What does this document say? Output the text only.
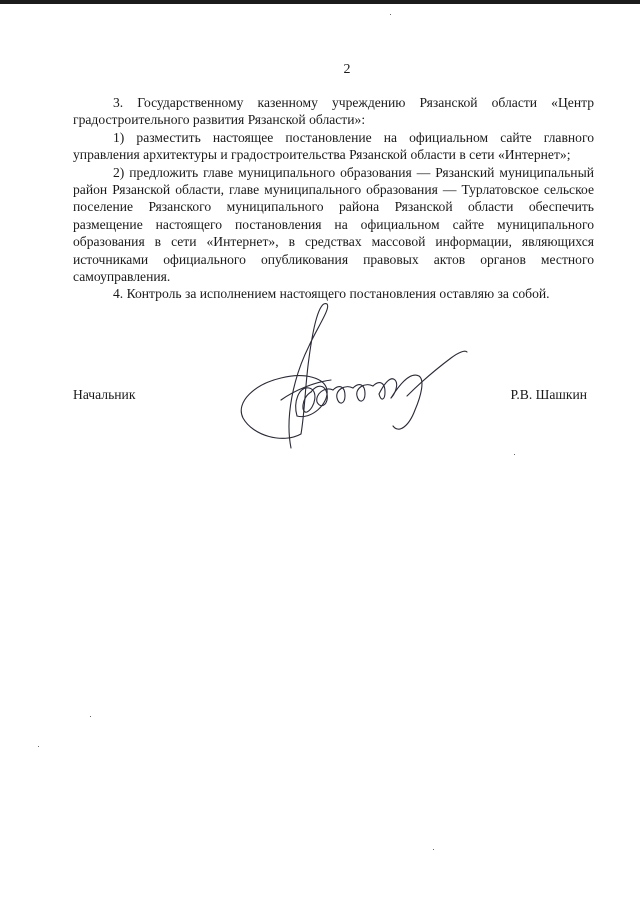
2

3. Государственному казенному учреждению Рязанской области «Центр градостроительного развития Рязанской области»:

1) разместить настоящее постановление на официальном сайте главного управления архитектуры и градостроительства Рязанской области в сети «Интернет»;

2) предложить главе муниципального образования — Рязанский муниципальный район Рязанской области, главе муниципального образования — Турлатовское сельское поселение Рязанского муниципального района Рязанской области обеспечить размещение настоящего постановления на официальном сайте муниципального образования в сети «Интернет», в средствах массовой информации, являющихся источниками официального опубликования правовых актов органов местного самоуправления.

4. Контроль за исполнением настоящего постановления оставляю за собой.

Начальник	Р.В. Шашкин
